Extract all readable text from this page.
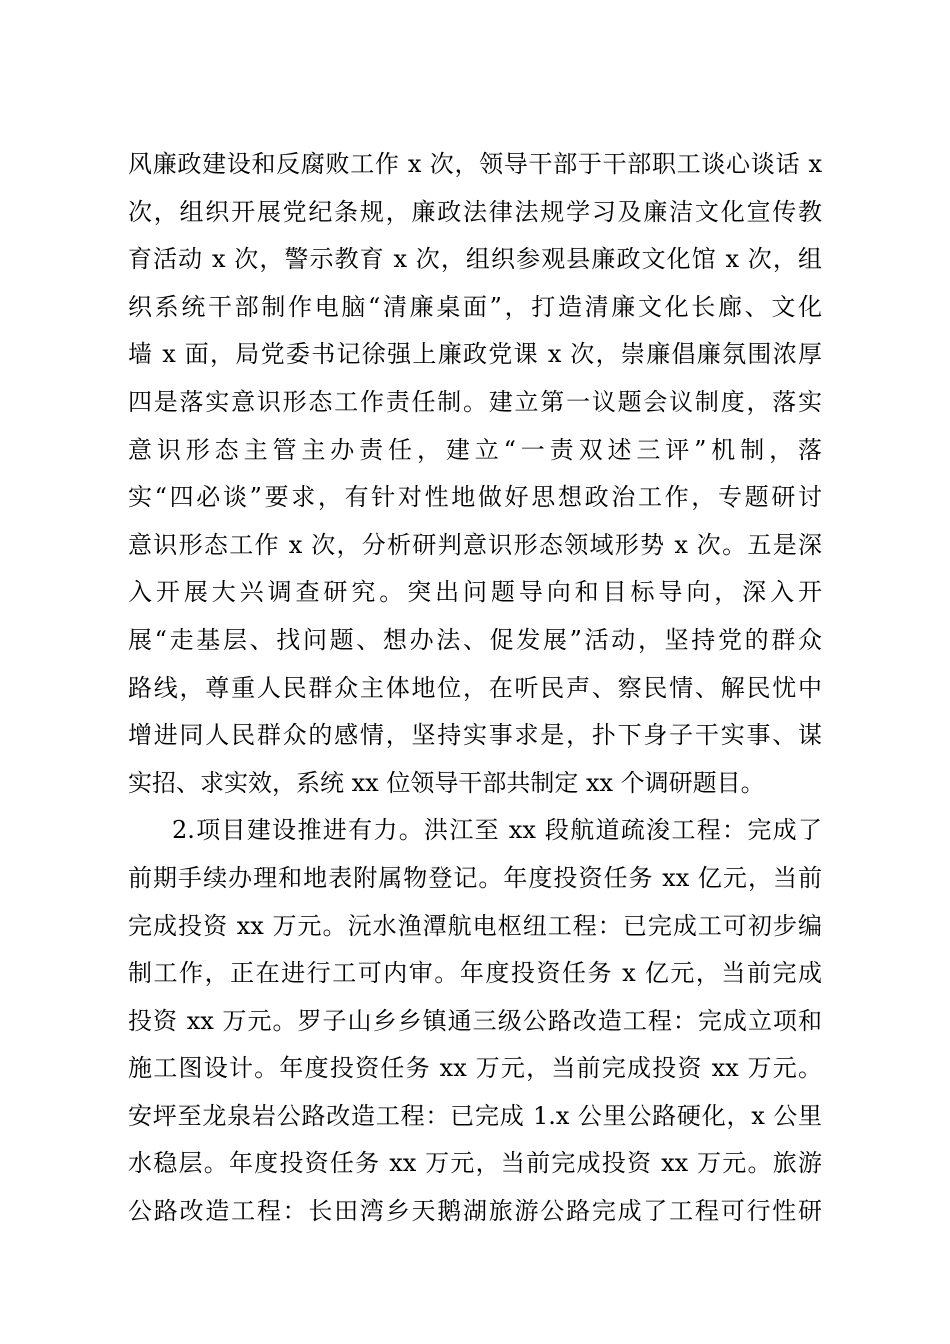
风廉政建设和反腐败工作 x 次，领导干部于干部职工谈心谈话 x
次，组织开展党纪条规，廉政法律法规学习及廉洁文化宣传教
育活动 x 次，警示教育 x 次，组织参观县廉政文化馆 x 次，组
织系统干部制作电脑“清廉桌面”，打造清廉文化长廊、文化
墙 x 面，局党委书记徐强上廉政党课 x 次，崇廉倡廉氛围浓厚
四是落实意识形态工作责任制。建立第一议题会议制度，落实
意识形态主管主办责任，建立“一责双述三评”机制，落
实“四必谈”要求，有针对性地做好思想政治工作，专题研讨
意识形态工作 x 次，分析研判意识形态领域形势 x 次。五是深
入开展大兴调查研究。突出问题导向和目标导向，深入开
展“走基层、找问题、想办法、促发展”活动，坚持党的群众
路线，尊重人民群众主体地位，在听民声、察民情、解民忧中
增进同人民群众的感情，坚持实事求是，扑下身子干实事、谋
实招、求实效，系统 xx 位领导干部共制定 xx 个调研题目。
2.项目建设推进有力。洪江至 xx 段航道疏浚工程：完成了
前期手续办理和地表附属物登记。年度投资任务 xx 亿元，当前
完成投资 xx 万元。沅水渔潭航电枢纽工程：已完成工可初步编
制工作，正在进行工可内审。年度投资任务 x 亿元，当前完成
投资 xx 万元。罗子山乡乡镇通三级公路改造工程：完成立项和
施工图设计。年度投资任务 xx 万元，当前完成投资 xx 万元。
安坪至龙泉岩公路改造工程：已完成 1.x 公里公路硬化，x 公里
水稳层。年度投资任务 xx 万元，当前完成投资 xx 万元。旅游
公路改造工程：长田湾乡天鹅湖旅游公路完成了工程可行性研
